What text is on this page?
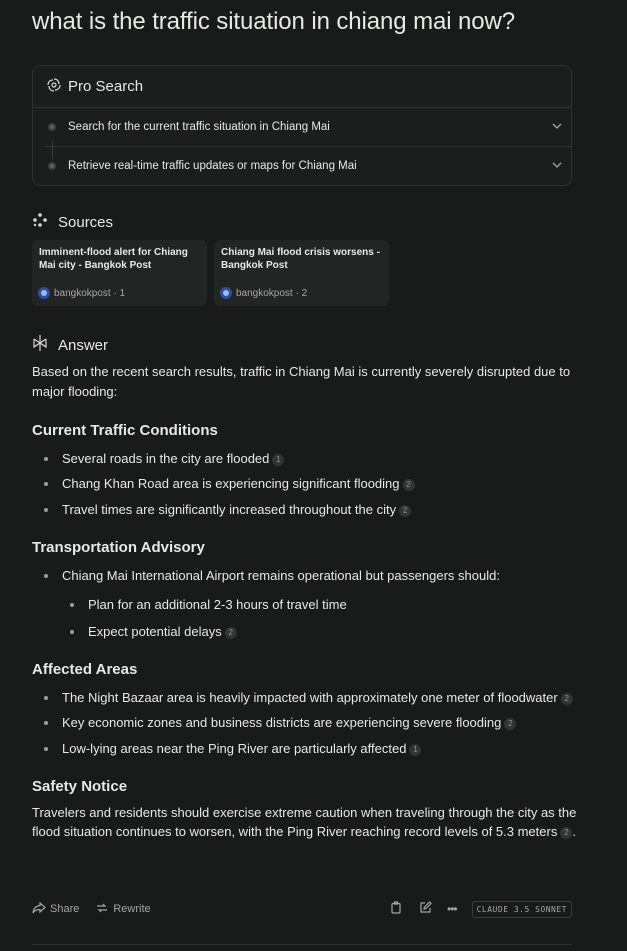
what is the traffic situation in chiang mai now?
Pro Search
Search for the current traffic situation in Chiang Mai
Retrieve real-time traffic updates or maps for Chiang Mai
Sources
Imminent-flood alert for Chiang Mai city - Bangkok Post
bangkokpost · 1
Chiang Mai flood crisis worsens - Bangkok Post
bangkokpost · 2
Answer

Based on the recent search results, traffic in Chiang Mai is currently severely disrupted due to major flooding:

Current Traffic Conditions
Several roads in the city are flooded 1
Chang Khan Road area is experiencing significant flooding 2
Travel times are significantly increased throughout the city 2
Transportation Advisory
Chiang Mai International Airport remains operational but passengers should:
Plan for an additional 2-3 hours of travel time
Expect potential delays 2
Affected Areas
The Night Bazaar area is heavily impacted with approximately one meter of floodwater 2
Key economic zones and business districts are experiencing severe flooding 2
Low-lying areas near the Ping River are particularly affected 1
Safety Notice

Travelers and residents should exercise extreme caution when traveling through the city as the flood situation continues to worsen, with the Ping River reaching record levels of 5.3 meters 2 .

Share	Rewrite	•••	CLAUDE 3.5 SONNET
